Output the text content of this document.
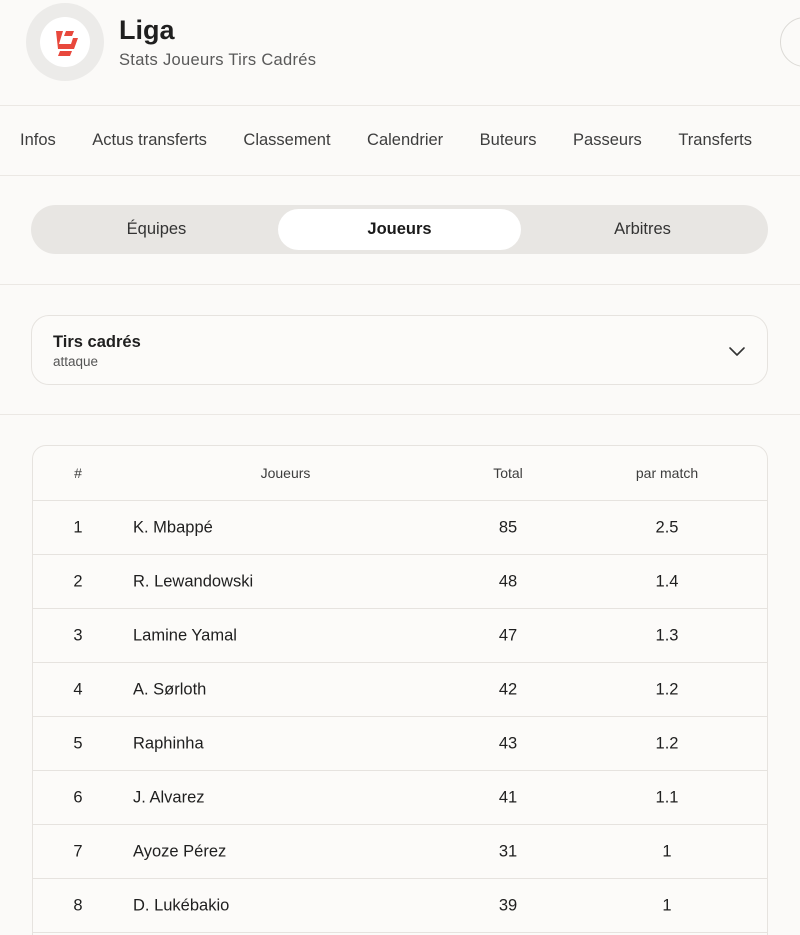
Liga
Stats Joueurs Tirs Cadrés
Infos Actus transferts Classement Calendrier Buteurs Passeurs Transferts
Équipes	Joueurs	Arbitres
Tirs cadrés
attaque
#	Joueurs	Total	par match
1	K. Mbappé	85	2.5
2	R. Lewandowski	48	1.4
3	Lamine Yamal	47	1.3
4	A. Sørloth	42	1.2
5	Raphinha	43	1.2
6	J. Alvarez	41	1.1
7	Ayoze Pérez	31	1
8	D. Lukébakio	39	1
